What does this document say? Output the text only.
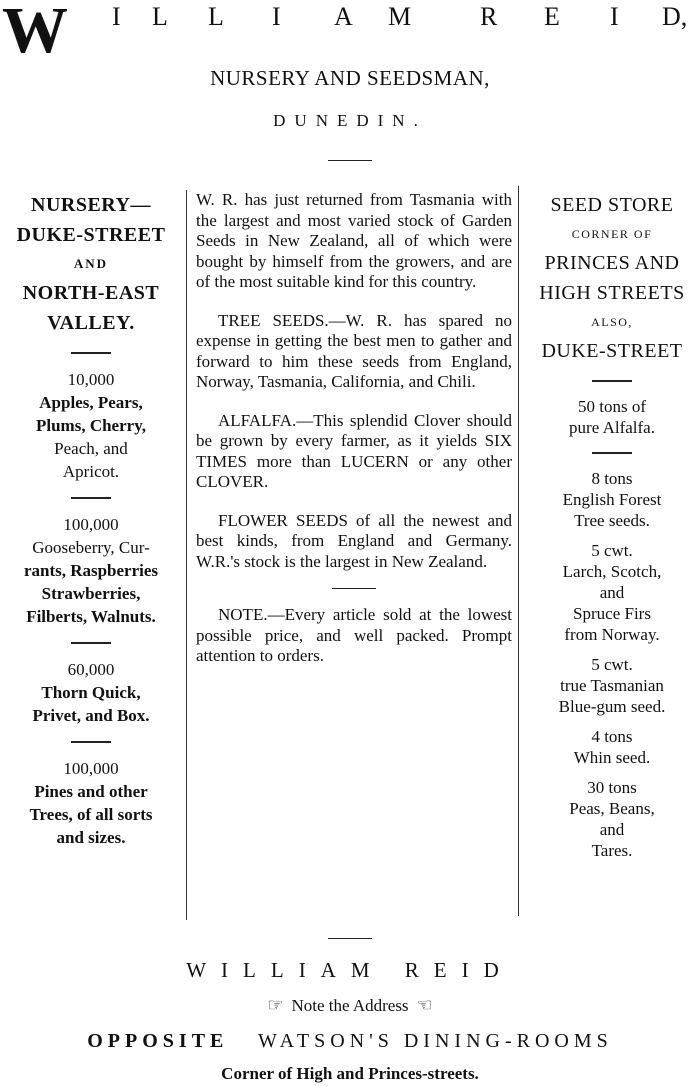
W I L L I A M	R E I D,
NURSERY AND SEEDSMAN,
DUNEDIN.
NURSERY—
DUKE-STREET
AND
NORTH-EAST
VALLEY.
10,000
Apples, Pears,
Plums, Cherry,
Peach, and
Apricot.
100,000
Gooseberry, Cur-
rants, Raspberries
Strawberries,
Filberts, Walnuts.
60,000
Thorn Quick,
Privet, and Box.
100,000
Pines and other
Trees, of all sorts
and sizes.

W. R. has just returned from Tasmania with the largest and most varied stock of Garden Seeds in New Zealand, all of which were bought by himself from the growers, and are of the most suitable kind for this country.

TREE SEEDS.—W. R. has spared no expense in getting the best men to gather and forward to him these seeds from England, Norway, Tasmania, California, and Chili.

ALFALFA.—This splendid Clover should be grown by every farmer, as it yields SIX TIMES more than LUCERN or any other CLOVER.

FLOWER SEEDS of all the newest and best kinds, from England and Germany. W.R.'s stock is the largest in New Zealand.

NOTE.—Every article sold at the lowest possible price, and well packed. Prompt attention to orders.

SEED STORE
CORNER OF
PRINCES AND
HIGH STREETS
ALSO,
DUKE-STREET
50 tons of
pure Alfalfa.
8 tons
English Forest
Tree seeds.
5 cwt.
Larch, Scotch,
and
Spruce Firs
from Norway.
5 cwt.
true Tasmanian
Blue-gum seed.
4 tons
Whin seed.
30 tons
Peas, Beans,
and
Tares.
WILLIAM REID
☞ Note the Address ☜
OPPOSITE WATSON'S DINING-ROOMS
Corner of High and Princes-streets.
